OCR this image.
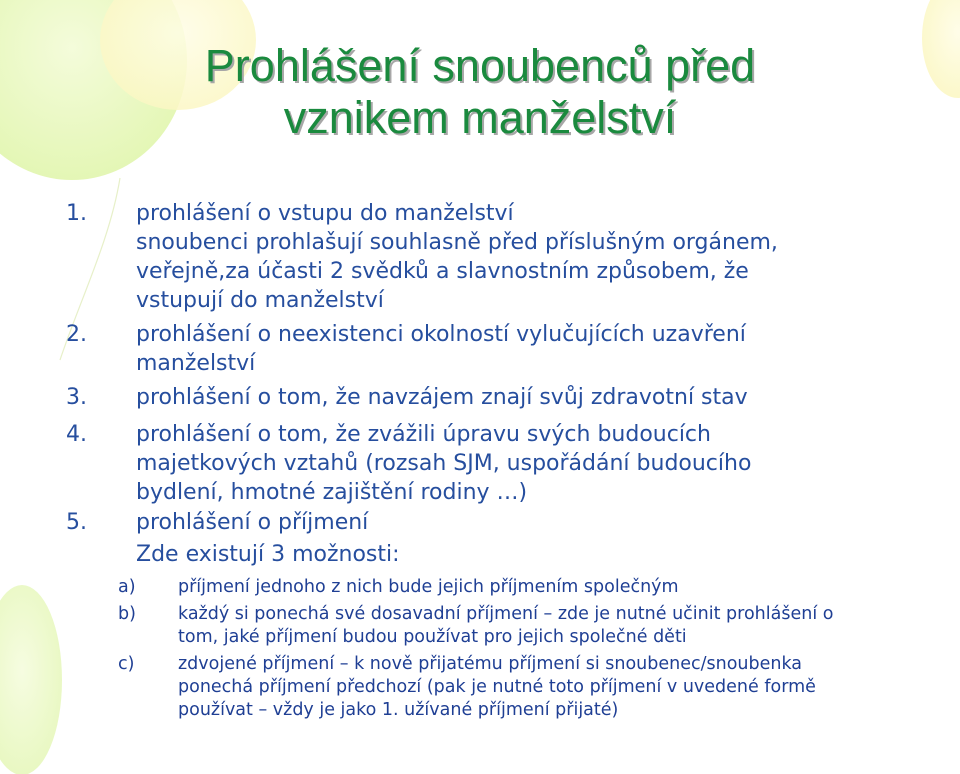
Prohlášení snoubenců před
vznikem manželství
1. prohlášení o vstupu do manželství
snoubenci prohlašují souhlasně před příslušným orgánem,
veřejně,za účasti 2 svědků a slavnostním způsobem, že
vstupují do manželství
2. prohlášení o neexistenci okolností vylučujících uzavření
manželství
3. prohlášení o tom, že navzájem znají svůj zdravotní stav
4. prohlášení o tom, že zvážili úpravu svých budoucích
majetkových vztahů (rozsah SJM, uspořádání budoucího
bydlení, hmotné zajištění rodiny …)
5. prohlášení o příjmení
Zde existují 3 možnosti:
a) příjmení jednoho z nich bude jejich příjmením společným
b) každý si ponechá své dosavadní příjmení – zde je nutné učinit prohlášení o
tom, jaké příjmení budou používat pro jejich společné děti
c) zdvojené příjmení – k nově přijatému příjmení si snoubenec/snoubenka
ponechá příjmení předchozí (pak je nutné toto příjmení v uvedené formě
používat – vždy je jako 1. užívané příjmení přijaté)
